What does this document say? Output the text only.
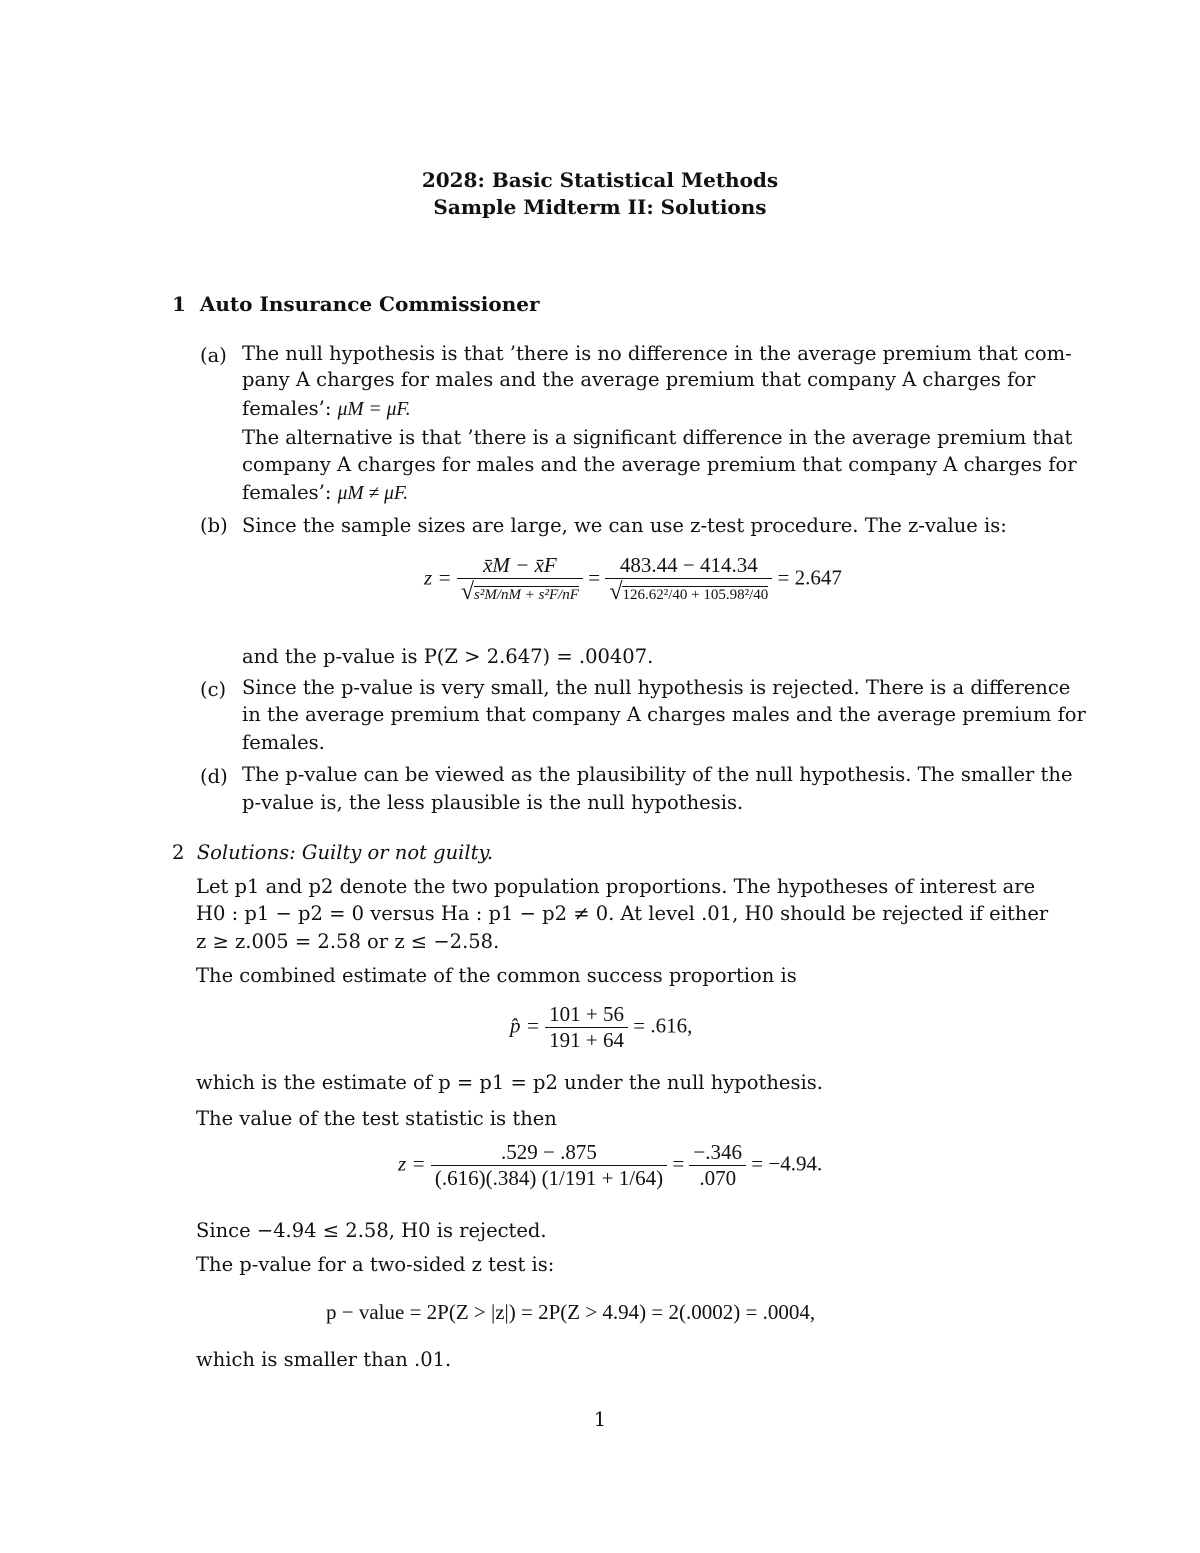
2028: Basic Statistical Methods
Sample Midterm II: Solutions
1 Auto Insurance Commissioner
(a) The null hypothesis is that ’there is no difference in the average premium that com-
pany A charges for males and the average premium that company A charges for
females’: μM = μF.
The alternative is that ’there is a significant difference in the average premium that
company A charges for males and the average premium that company A charges for
females’: μM ≠ μF.
(b) Since the sample sizes are large, we can use z-test procedure. The z-value is:
$z = \frac{x̄M - x̄F}{\text{√s²M/nM + s²F/nF}} = \frac{483.44 - 414.34}{\text{√126.62²/40 + 105.98²/40}} = 2.647$
and the p-value is P(Z > 2.647) = .00407.
(c) Since the p-value is very small, the null hypothesis is rejected. There is a difference
in the average premium that company A charges males and the average premium for
females.
(d) The p-value can be viewed as the plausibility of the null hypothesis. The smaller the
p-value is, the less plausible is the null hypothesis.
2 Solutions: Guilty or not guilty.
Let p1 and p2 denote the two population proportions. The hypotheses of interest are
H0 : p1 − p2 = 0 versus Ha : p1 − p2 ≠ 0. At level .01, H0 should be rejected if either
z ≥ z.005 = 2.58 or z ≤ −2.58.
The combined estimate of the common success proportion is
p̂ = $\frac{101 + 56}{191 + 64} = .616$,
which is the estimate of p = p1 = p2 under the null hypothesis.
The value of the test statistic is then
$z = \frac{.529 - .875}{(.616)(.384) (1/191 + 1/64)} = \frac{-.346}{.070} = -4.94$.
Since −4.94 ≤ 2.58, H0 is rejected.
The p-value for a two-sided z test is:
p − value = 2P(Z > |z|) = 2P(Z > 4.94) = 2(.0002) = .0004,
which is smaller than .01.
1
